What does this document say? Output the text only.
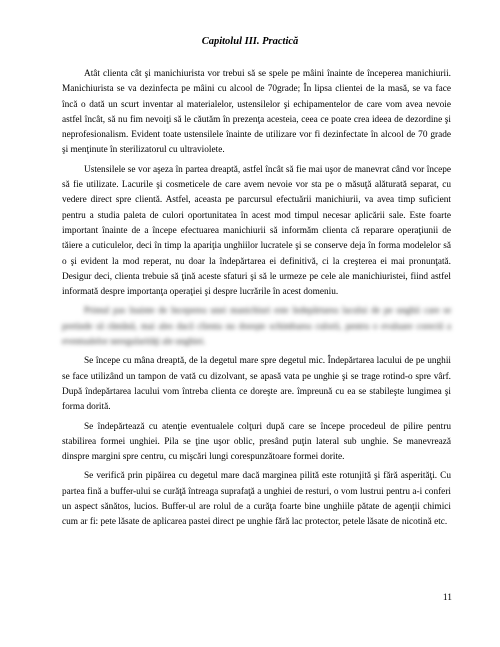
Capitolul III. Practică

Atât clienta cât şi manichiurista vor trebui să se spele pe mâini înainte de începerea manichiurii. Manichiurista se va dezinfecta pe mâini cu alcool de 70grade; În lipsa clientei de la masă, se va face încă o dată un scurt inventar al materialelor, ustensilelor şi echipamentelor de care vom avea nevoie astfel încât, să nu fim nevoiţi să le căutăm în prezenţa acesteia, ceea ce poate crea ideea de dezordine şi neprofesionalism. Evident toate ustensilele înainte de utilizare vor fi dezinfectate în alcool de 70 grade şi menţinute în sterilizatorul cu ultraviolete.

Ustensilele se vor aşeza în partea dreaptă, astfel încât să fie mai uşor de manevrat când vor începe să fie utilizate. Lacurile şi cosmeticele de care avem nevoie vor sta pe o măsuţă alăturată separat, cu vedere direct spre clientă. Astfel, aceasta pe parcursul efectuării manichiurii, va avea timp suficient pentru a studia paleta de culori oportunitatea în acest mod timpul necesar aplicării sale. Este foarte important înainte de a începe efectuarea manichiurii să informăm clienta că reparare operaţiunii de tăiere a cuticulelor, deci în timp la apariţia unghiilor lucratele şi se conserve deja în forma modelelor să o şi evident la mod reperat, nu doar la îndepărtarea ei definitivă, ci la creşterea ei mai pronunţată. Desigur deci, clienta trebuie să ţină aceste sfaturi şi să le urmeze pe cele ale manichiuristei, fiind astfel informată despre importanţa operaţiei şi despre lucrările în acest domeniu.

Primul pas înainte de începerea unei manichiuri este îndepărtarea lacului de pe unghii care se pretinde să rămână, mai ales dacă clienta nu doreşte schimbarea culorii, pentru o evaluare corectă a eventualelor neregularităţi ale unghiei.

Se începe cu mâna dreaptă, de la degetul mare spre degetul mic. Îndepărtarea lacului de pe unghii se face utilizând un tampon de vată cu dizolvant, se apasă vata pe unghie şi se trage rotind-o spre vârf. După îndepărtarea lacului vom întreba clienta ce doreşte are. împreună cu ea se stabileşte lungimea şi forma dorită.

Se îndepărtează cu atenţie eventualele colţuri după care se începe procedeul de pilire pentru stabilirea formei unghiei. Pila se ţine uşor oblic, presând puţin lateral sub unghie. Se manevrează dinspre margini spre centru, cu mişcări lungi corespunzătoare formei dorite.

Se verifică prin pipăirea cu degetul mare dacă marginea pilită este rotunjită şi fără asperităţi. Cu partea fină a buffer-ului se curăţă întreaga suprafaţă a unghiei de resturi, o vom lustrui pentru a-i conferi un aspect sănătos, lucios. Buffer-ul are rolul de a curăţa foarte bine unghiile pătate de agenţii chimici cum ar fi: pete lăsate de aplicarea pastei direct pe unghie fără lac protector, petele lăsate de nicotină etc.

11
